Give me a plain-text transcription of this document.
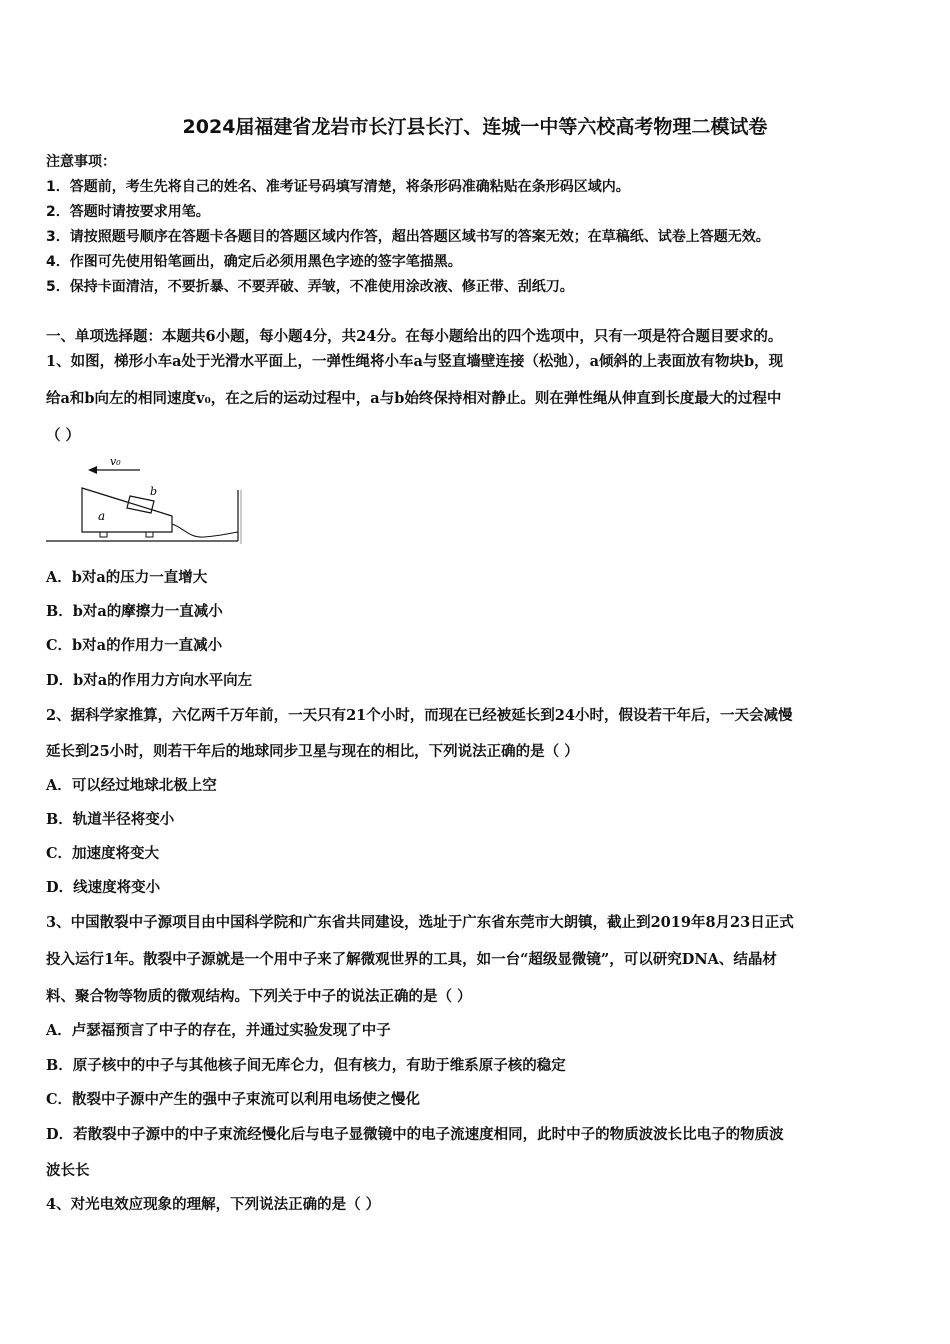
2024届福建省龙岩市长汀县长汀、连城一中等六校高考物理二模试卷
注意事项：
1．答题前，考生先将自己的姓名、准考证号码填写清楚，将条形码准确粘贴在条形码区域内。
2．答题时请按要求用笔。
3．请按照题号顺序在答题卡各题目的答题区域内作答，超出答题区域书写的答案无效；在草稿纸、试卷上答题无效。
4．作图可先使用铅笔画出，确定后必须用黑色字迹的签字笔描黑。
5．保持卡面清洁，不要折暴、不要弄破、弄皱，不准使用涂改液、修正带、刮纸刀。
一、单项选择题：本题共6小题，每小题4分，共24分。在每小题给出的四个选项中，只有一项是符合题目要求的。
1、如图，梯形小车a处于光滑水平面上，一弹性绳将小车a与竖直墙壁连接（松弛），a倾斜的上表面放有物块b，现
给a和b向左的相同速度v₀，在之后的运动过程中，a与b始终保持相对静止。则在弹性绳从伸直到长度最大的过程中
（ ）
v₀
a
b
A．b对a的压力一直增大
B．b对a的摩擦力一直减小
C．b对a的作用力一直减小
D．b对a的作用力方向水平向左
2、据科学家推算，六亿两千万年前，一天只有21个小时，而现在已经被延长到24小时，假设若干年后，一天会减慢
延长到25小时，则若干年后的地球同步卫星与现在的相比，下列说法正确的是（ ）
A．可以经过地球北极上空
B．轨道半径将变小
C．加速度将变大
D．线速度将变小
3、中国散裂中子源项目由中国科学院和广东省共同建设，选址于广东省东莞市大朗镇，截止到2019年8月23日正式
投入运行1年。散裂中子源就是一个用中子来了解微观世界的工具，如一台“超级显微镜”，可以研究DNA、结晶材
料、聚合物等物质的微观结构。下列关于中子的说法正确的是（ ）
A．卢瑟福预言了中子的存在，并通过实验发现了中子
B．原子核中的中子与其他核子间无库仑力，但有核力，有助于维系原子核的稳定
C．散裂中子源中产生的强中子束流可以利用电场使之慢化
D．若散裂中子源中的中子束流经慢化后与电子显微镜中的电子流速度相同，此时中子的物质波波长比电子的物质波
波长长
4、对光电效应现象的理解，下列说法正确的是（ ）
